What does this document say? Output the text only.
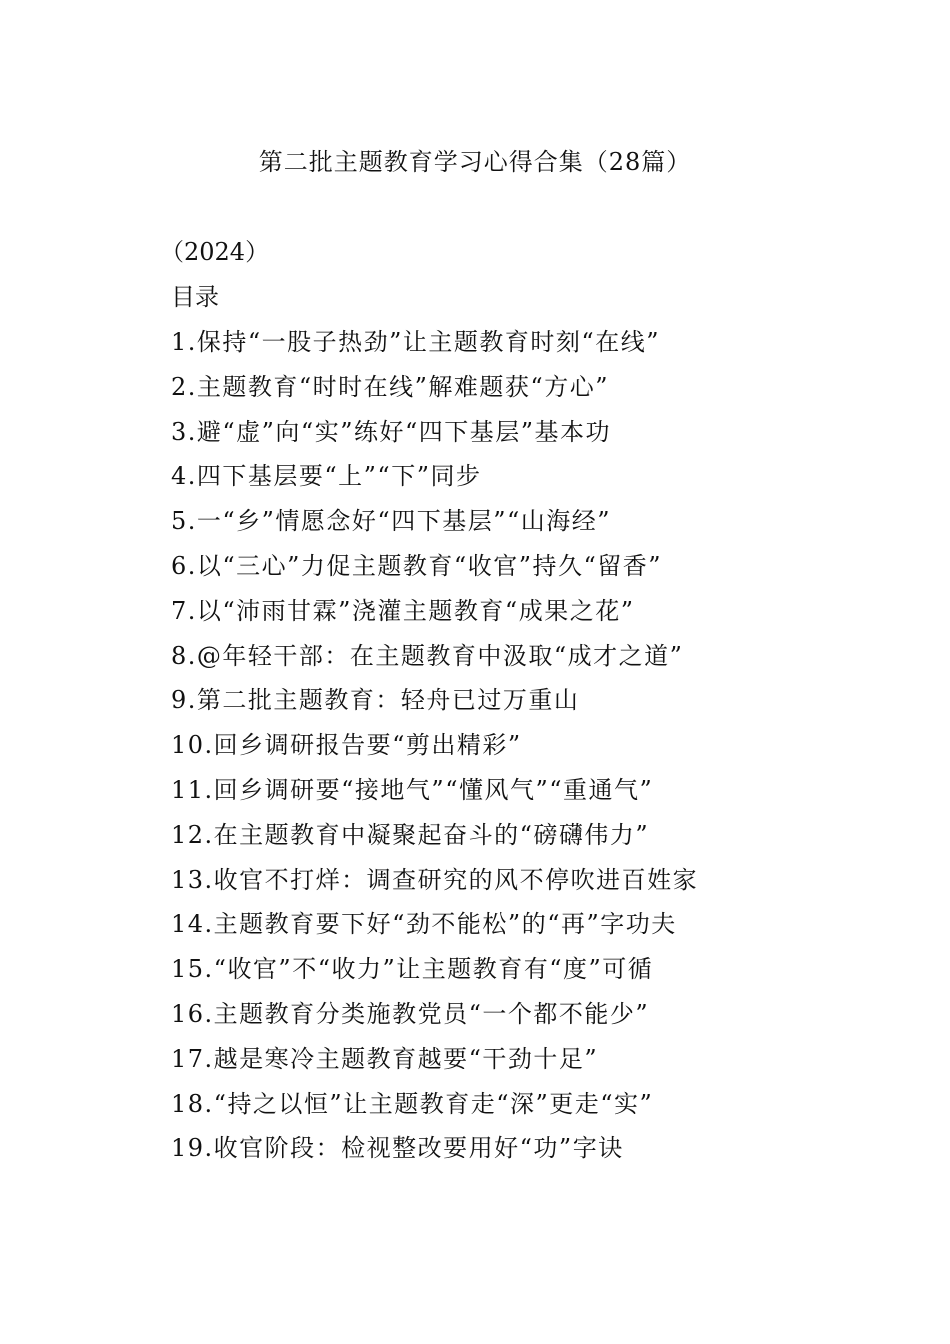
第二批主题教育学习心得合集（28篇）
（2024）
目录
1.保持“一股子热劲”让主题教育时刻“在线”
2.主题教育“时时在线”解难题获“方心”
3.避“虚”向“实”练好“四下基层”基本功
4.四下基层要“上”“下”同步
5.一“乡”情愿念好“四下基层”“山海经”
6.以“三心”力促主题教育“收官”持久“留香”
7.以“沛雨甘霖”浇灌主题教育“成果之花”
8.@年轻干部：在主题教育中汲取“成才之道”
9.第二批主题教育：轻舟已过万重山
10.回乡调研报告要“剪出精彩”
11.回乡调研要“接地气”“懂风气”“重通气”
12.在主题教育中凝聚起奋斗的“磅礴伟力”
13.收官不打烊：调查研究的风不停吹进百姓家
14.主题教育要下好“劲不能松”的“再”字功夫
15.“收官”不“收力”让主题教育有“度”可循
16.主题教育分类施教党员“一个都不能少”
17.越是寒冷主题教育越要“干劲十足”
18.“持之以恒”让主题教育走“深”更走“实”
19.收官阶段：检视整改要用好“功”字诀
